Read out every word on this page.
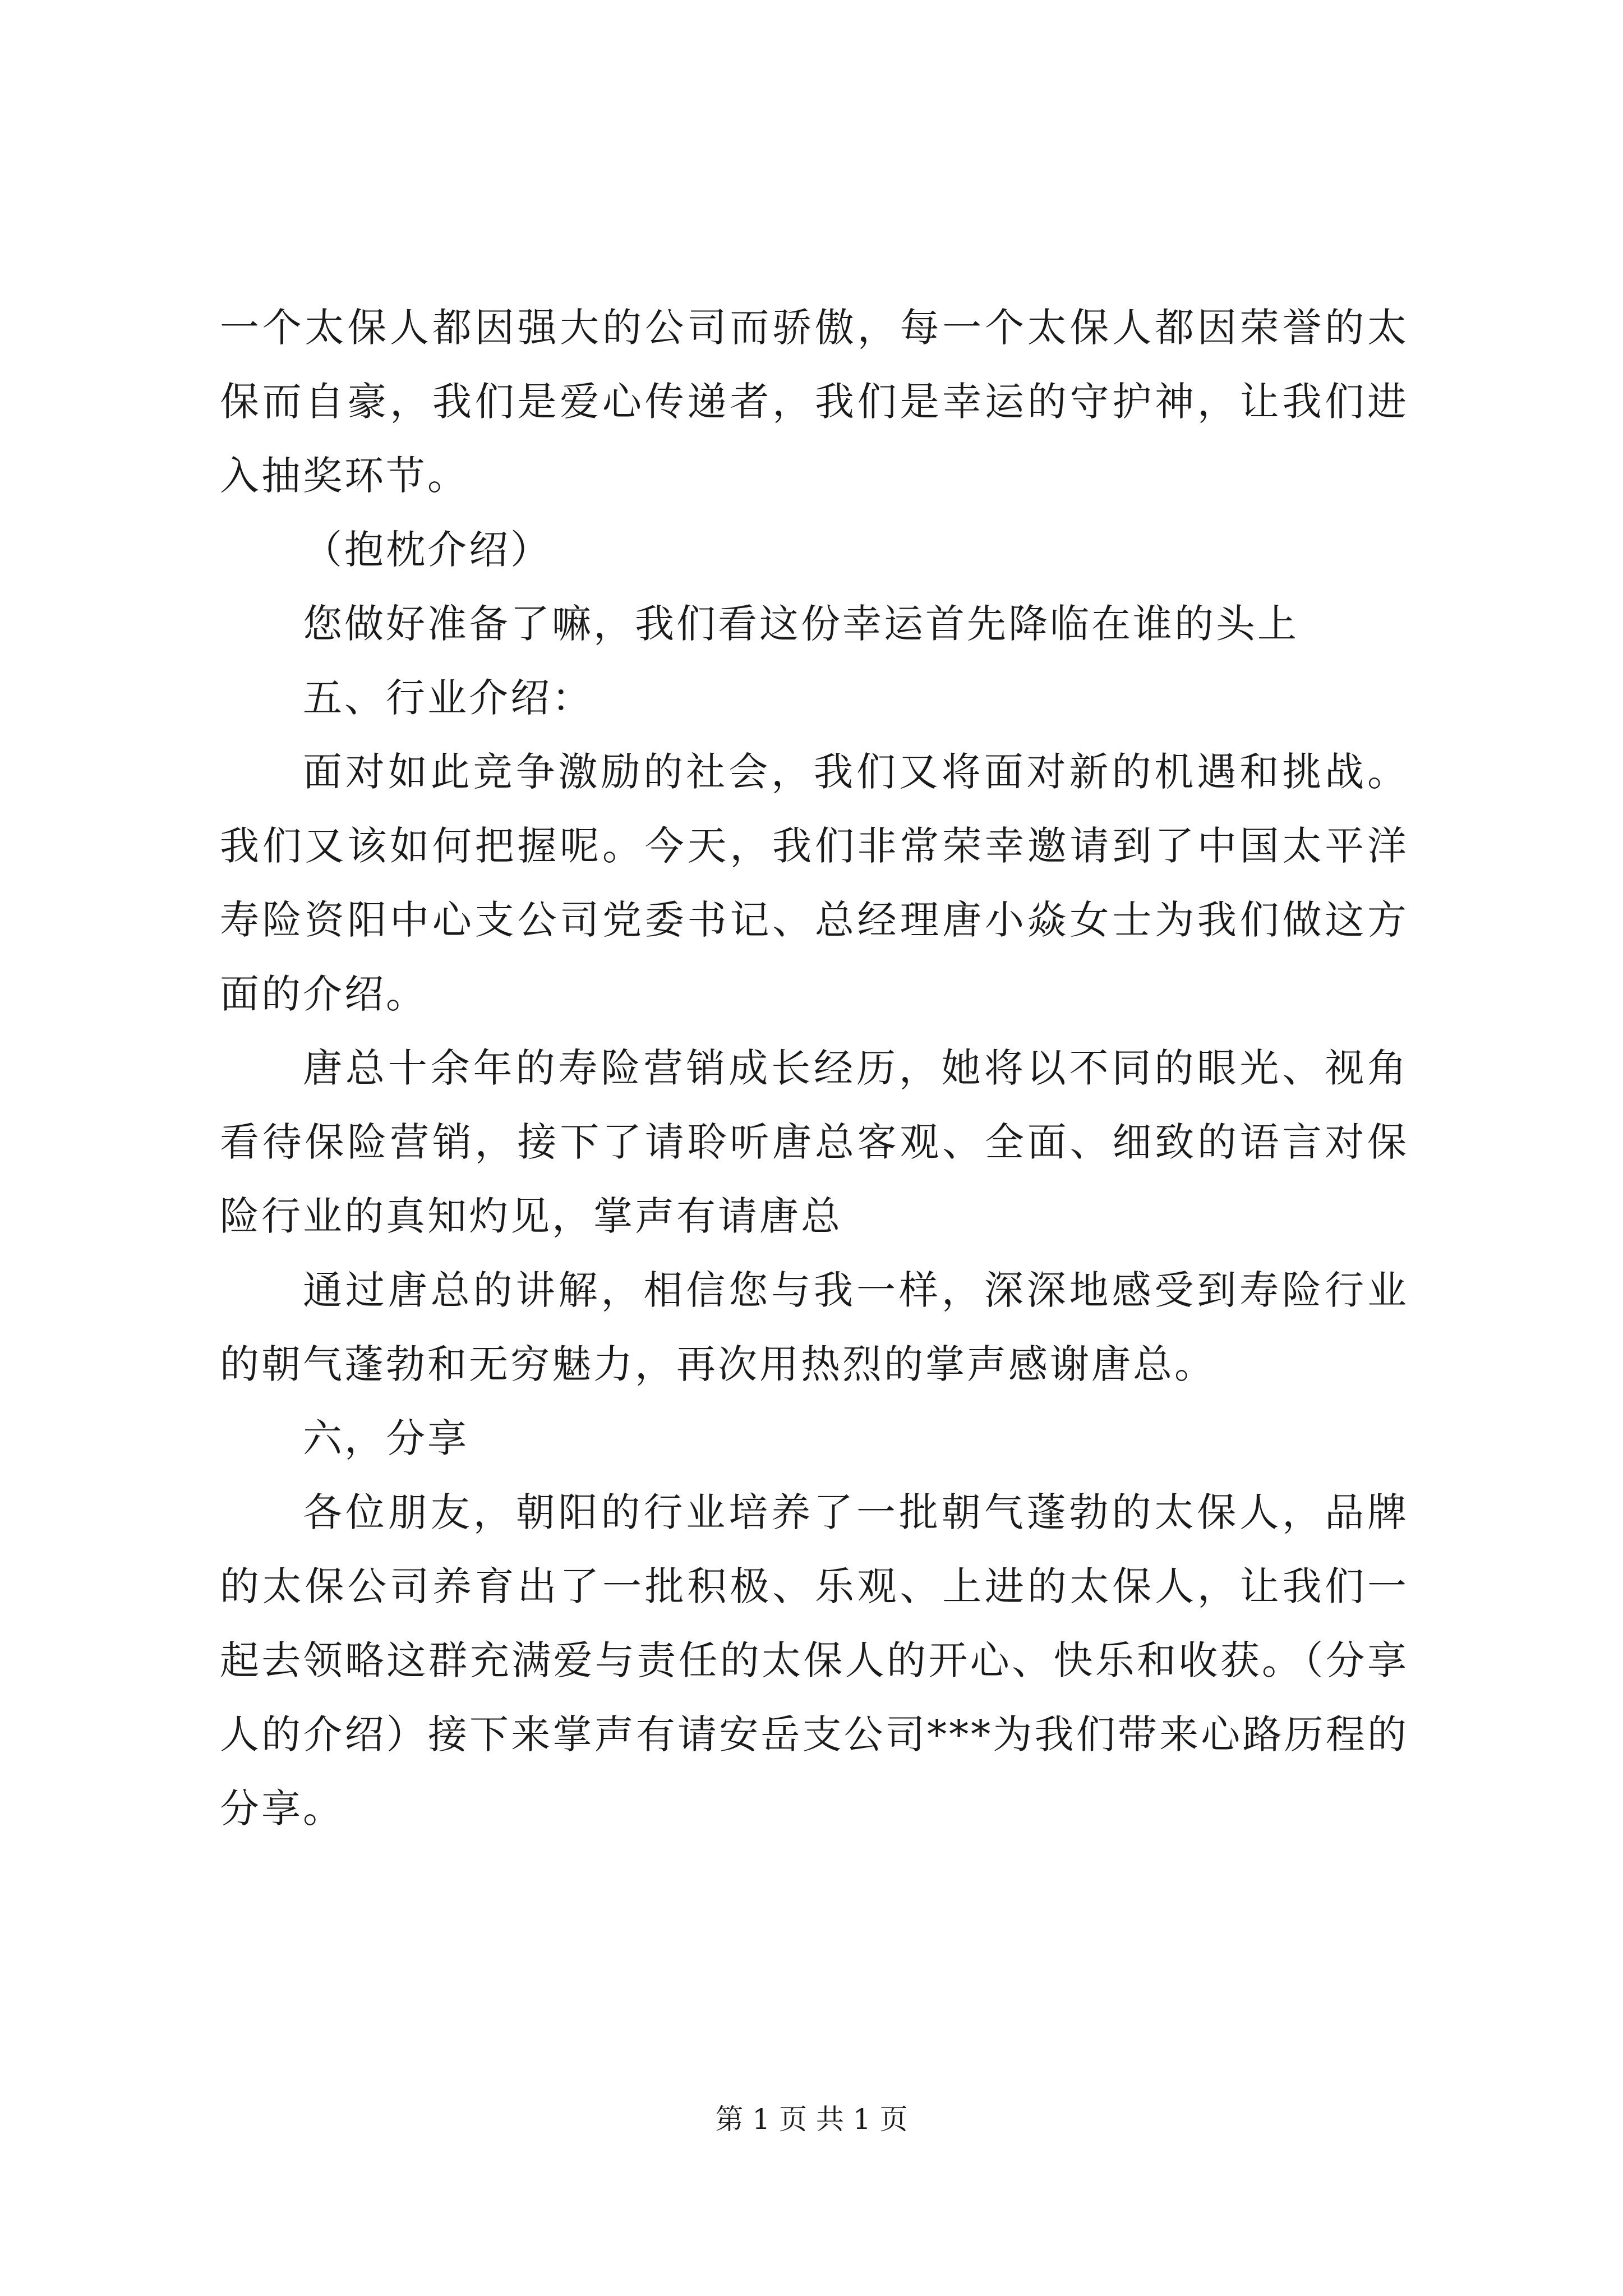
一个太保人都因强大的公司而骄傲，每一个太保人都因荣誉的太保而自豪，我们是爱心传递者，我们是幸运的守护神，让我们进入抽奖环节。

（抱枕介绍）

您做好准备了嘛，我们看这份幸运首先降临在谁的头上

五、行业介绍：

面对如此竞争激励的社会，我们又将面对新的机遇和挑战。我们又该如何把握呢。今天，我们非常荣幸邀请到了中国太平洋寿险资阳中心支公司党委书记、总经理唐小焱女士为我们做这方面的介绍。

唐总十余年的寿险营销成长经历，她将以不同的眼光、视角看待保险营销，接下了请聆听唐总客观、全面、细致的语言对保险行业的真知灼见，掌声有请唐总

通过唐总的讲解，相信您与我一样，深深地感受到寿险行业的朝气蓬勃和无穷魅力，再次用热烈的掌声感谢唐总。

六，分享

各位朋友，朝阳的行业培养了一批朝气蓬勃的太保人，品牌的太保公司养育出了一批积极、乐观、上进的太保人，让我们一起去领略这群充满爱与责任的太保人的开心、快乐和收获。（分享人的介绍）接下来掌声有请安岳支公司***为我们带来心路历程的分享。

第 1 页 共 1 页
